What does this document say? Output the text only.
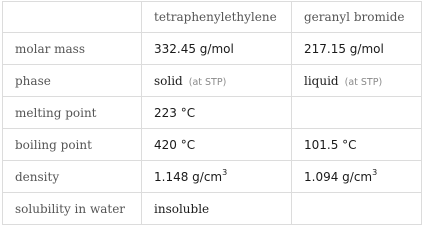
	tetraphenylethylene	geranyl bromide
molar mass	332.45 g/mol	217.15 g/mol
phase	solid (at STP)	liquid (at STP)
melting point	223 °C	
boiling point	420 °C	101.5 °C
density	1.148 $g/cm^3$	1.094 $g/cm^3$
solubility in water	insoluble	
